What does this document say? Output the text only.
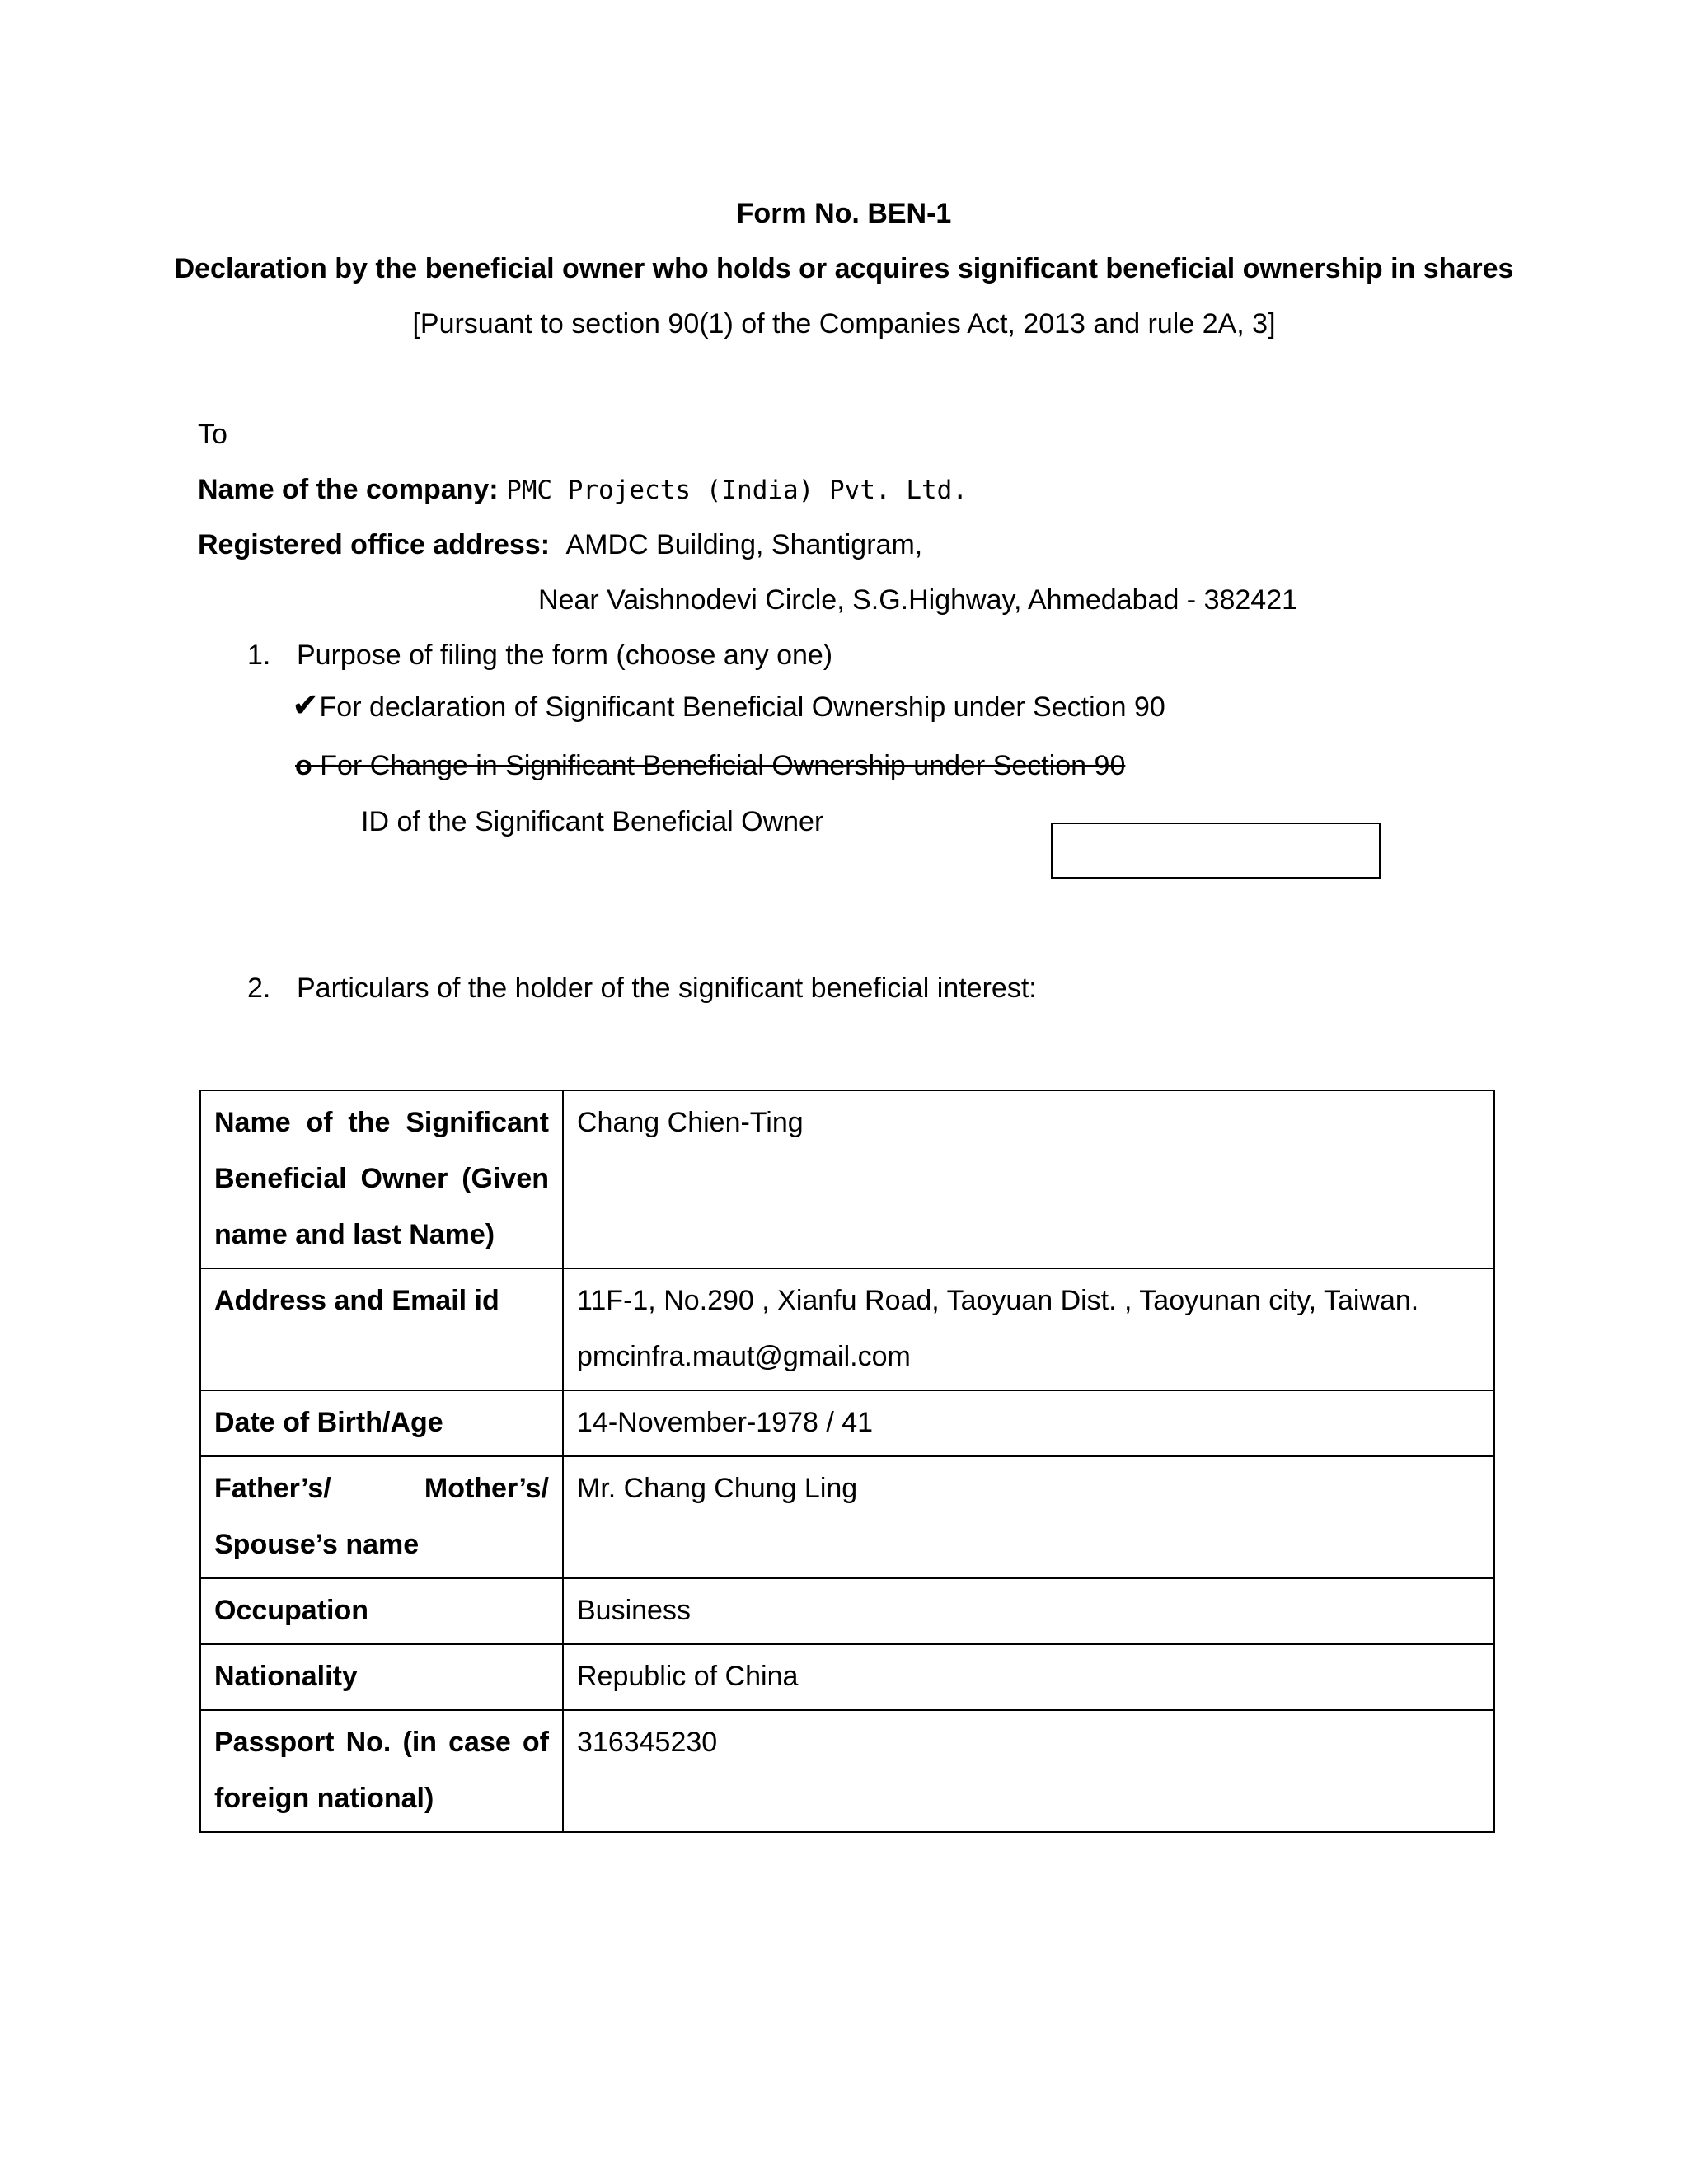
Form No. BEN-1
Declaration by the beneficial owner who holds or acquires significant beneficial ownership in shares
[Pursuant to section 90(1) of the Companies Act, 2013 and rule 2A, 3]
To
Name of the company: PMC Projects (India) Pvt. Ltd.
Registered office address: AMDC Building, Shantigram,
Near Vaishnodevi Circle, S.G.Highway, Ahmedabad - 382421
1. Purpose of filing the form (choose any one)
✔For declaration of Significant Beneficial Ownership under Section 90
o For Change in Significant Beneficial Ownership under Section 90
ID of the Significant Beneficial Owner
2. Particulars of the holder of the significant beneficial interest:
Name of the Significant Beneficial Owner (Given name and last Name)	Chang Chien-Ting
Address and Email id	11F-1, No.290 , Xianfu Road, Taoyuan Dist. , Taoyunan city, Taiwan.
pmcinfra.maut@gmail.com

Date of Birth/Age	14-November-1978 / 41
Father’s/ Mother’s/ Spouse’s name	Mr. Chang Chung Ling
Occupation	Business
Nationality	Republic of China
Passport No. (in case of foreign national)	316345230
